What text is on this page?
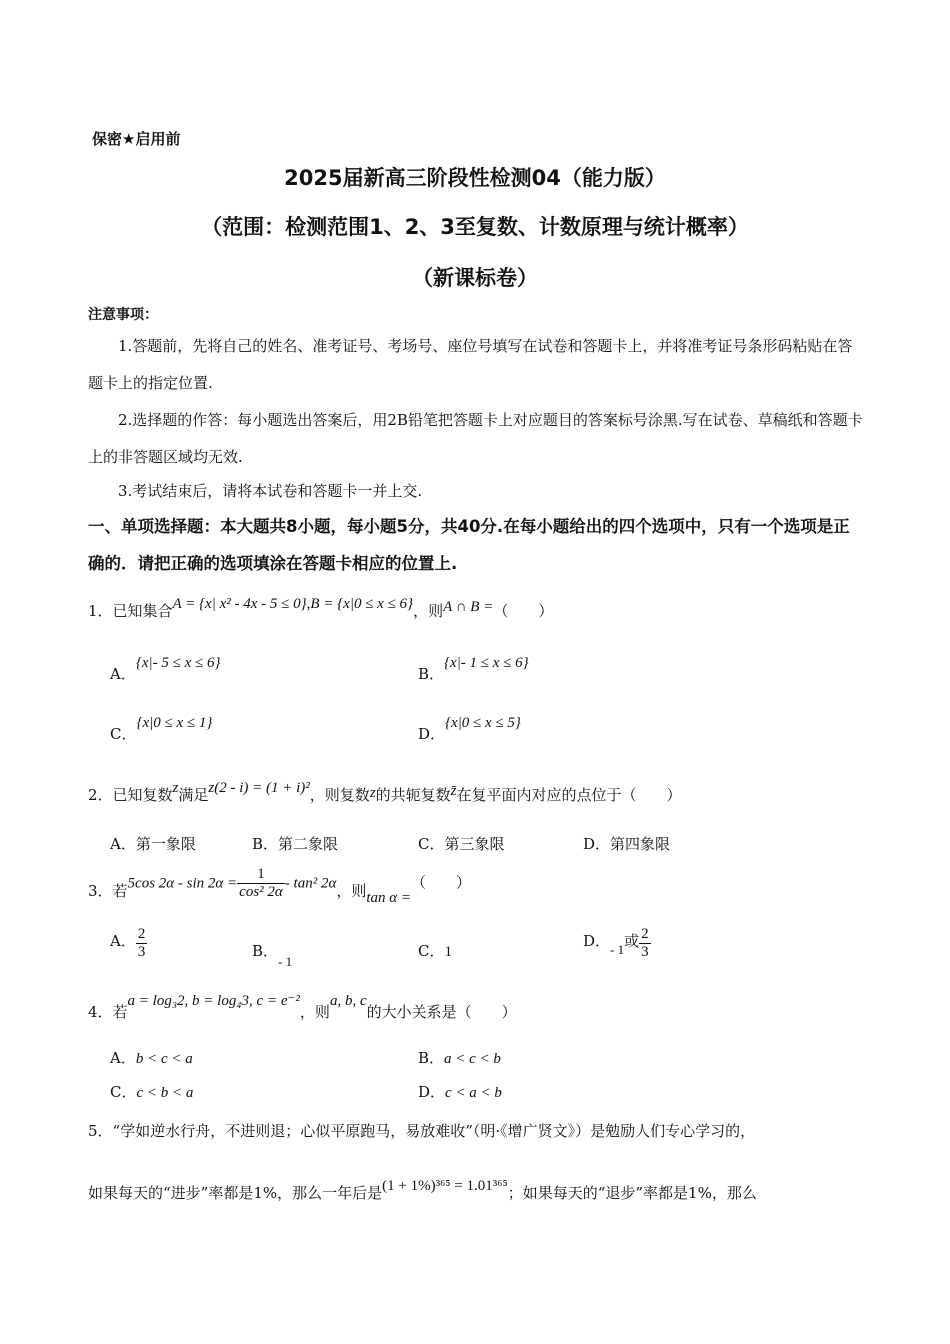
保密★启用前
2025届新高三阶段性检测04（能力版）
（范围：检测范围1、2、3至复数、计数原理与统计概率）
（新课标卷）
注意事项：
1.答题前，先将自己的姓名、准考证号、考场号、座位号填写在试卷和答题卡上，并将准考证号条形码粘贴在答题卡上的指定位置.
2.选择题的作答：每小题选出答案后，用2B铅笔把答题卡上对应题目的答案标号涂黑.写在试卷、草稿纸和答题卡上的非答题区域均无效.
3.考试结束后，请将本试卷和答题卡一并上交.
一、单项选择题：本大题共8小题，每小题5分，共40分.在每小题给出的四个选项中，只有一个选项是正确的．请把正确的选项填涂在答题卡相应的位置上.
1．已知集合A = {x| x² - 4x - 5 ≤ 0},B = {x|0 ≤ x ≤ 6}，则A ∩ B =（　　）
A．{x|- 5 ≤ x ≤ 6}
B．{x|- 1 ≤ x ≤ 6}
C．{x|0 ≤ x ≤ 1}
D．{x|0 ≤ x ≤ 5}
2．已知复数z满足z(2 - i) = (1 + i)²，则复数z的共轭复数z̄在复平面内对应的点位于（　　）
A．第一象限	B．第二象限	C．第三象限	D．第四象限
3．若5cos $2\alpha - \sin 2\alpha = \frac{1}{\text{cos² 2α}} - \tan^2$ 2α，则tan α =（　　）
A． $\frac{2}{3}$	B．- 1
C．1
D．- 1或 $\frac{2}{3}$
4．若a = log₃2, b = log₄3, c = e⁻²，则a, b, c的大小关系是（　　）
A．b < c < a	B．a < c < b
C．c < b < a	D．c < a < b
5．“学如逆水行舟，不进则退；心似平原跑马，易放难收”（明·《增广贤文》）是勉励人们专心学习的，
如果每天的“进步”率都是1%，那么一年后是(1 + 1%)³⁶⁵ = 1.01³⁶⁵；如果每天的“退步”率都是1%，那么
